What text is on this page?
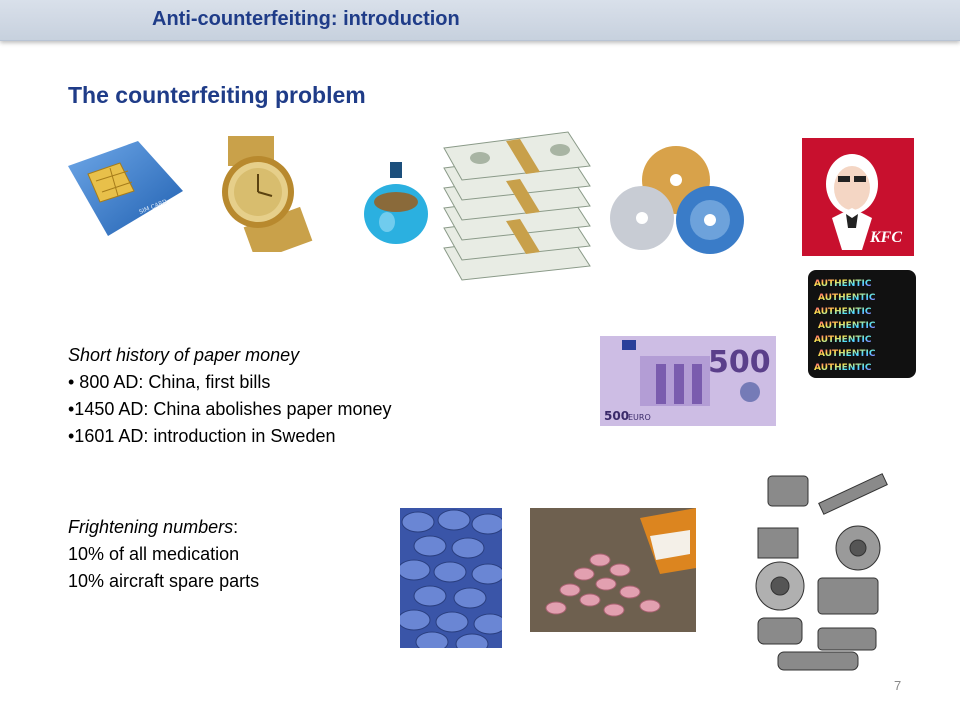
Anti-counterfeiting: introduction
The counterfeiting problem
SIM CARD
KFC
AUTHENTIC
AUTHENTIC
AUTHENTIC
AUTHENTIC
AUTHENTIC
AUTHENTIC
AUTHENTIC
500
500
EURO
Short history of paper money
• 800 AD: China, first bills
•1450 AD: China abolishes paper money
•1601 AD: introduction in Sweden
Frightening numbers:
10% of all medication
10% aircraft spare parts
7
